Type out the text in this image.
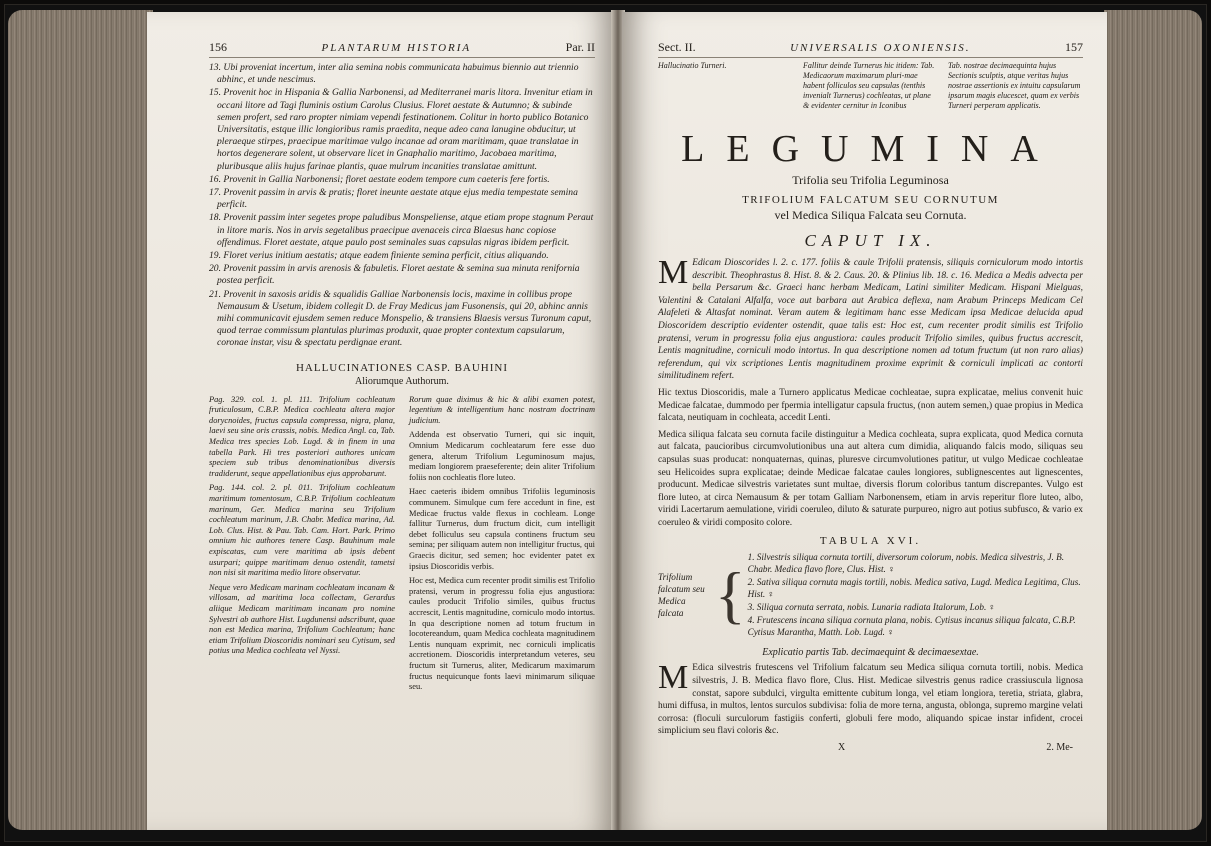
156	PLANTARUM HISTORIA	Par. II

13. Ubi proveniat incertum, inter alia semina nobis communicata habuimus biennio aut triennio abhinc, et unde nescimus.

15. Provenit hoc in Hispania & Gallia Narbonensi, ad Mediterranei maris litora. Invenitur etiam in occani litore ad Tagi fluminis ostium Carolus Clusius. Floret aestate & Autumno; & subinde semen profert, sed raro propter nimiam vependi festinationem. Colitur in horto publico Botanico Universitatis, estque illic longioribus ramis praedita, neque adeo cana lanugine obducitur, ut pleraeque stirpes, praecipue maritimae vulgo incanae ad oram maritimam, quae translatae in hortos degenerare solent, ut observare licet in Gnaphalio maritimo, Jacobaea maritima, pluribusque aliis hujus farinae plantis, quae mulrum incanities translatae amittunt.

16. Provenit in Gallia Narbonensi; floret aestate eodem tempore cum caeteris fere fortis.

17. Provenit passim in arvis & pratis; floret ineunte aestate atque ejus media tempestate semina perficit.

18. Provenit passim inter segetes prope paludibus Monspeliense, atque etiam prope stagnum Peraut in litore maris. Nos in arvis segetalibus praecipue avenaceis circa Blaesus hanc copiose offendimus. Floret aestate, atque paulo post seminales suas capsulas nigras ibidem perficit.

19. Floret verius initium aestatis; atque eadem finiente semina perficit, citius aliquando.

20. Provenit passim in arvis arenosis & fabuletis. Floret aestate & semina sua minuta renifornia postea perficit.

21. Provenit in saxosis aridis & squalidis Galliae Narbonensis locis, maxime in collibus prope Nemausum & Usetum, ibidem collegit D. de Fray Medicus jam Fusonensis, qui 20, abhinc annis mihi communicavit ejusdem semen reduce Monspelio, & transiens Blaesis versus Turonum caput, quod terrae commissum plantulas plurimas produxit, quae propter contextum capsularum, coronae instar, visu & spectatu perdignae erant.

HALLUCINATIONES CASP. BAUHINI
Aliorumque Authorum.

Pag. 329. col. 1. pl. 111. Trifolium cochleatum fruticulosum, C.B.P. Medica cochleata altera major dorycnoides, fructus capsula compressa, nigra, plana, laevi seu sine oris crassis, nobis. Medica Angl. ca, Tab. Medica tres species Lob. Lugd. & in finem in una tabella Park. Hi tres posteriori authores unicam speciem sub tribus denominationibus diversis tradiderunt, seque appellationibus ejus approbarunt.

Pag. 144. col. 2. pl. 011. Trifolium cochleatum maritimum tomentosum, C.B.P. Trifolium cochleatum marinum, Ger. Medica marina seu Trifolium cochleatum marinum, J.B. Chabr. Medica marina, Ad. Lob. Clus. Hist. & Pau. Tab. Cam. Hort. Park. Primo omnium hic authores tenere Casp. Bauhinum male expiscatas, cum vere maritima ab ipsis debent usurpari; quippe maritimam denuo ostendit, tametsi non nisi sit maritima medio litore observatur.

Neque vero Medicam marinam cochleatam incanam & villosam, ad maritima loca collectam, Gerardus aliique Medicam maritimam incanam pro nomine Sylvestri ab authore Hist. Lugdunensi adscribunt, quae non est Medica marina, Trifolium Cochleatum; hanc etiam Trifolium Dioscoridis nominari seu Cytisum, sed potius una Medica cochleata vel Nyssi.

Rorum quae diximus & hic & alibi examen potest, legentium & intelligentium hanc nostram doctrinam judicium.

Addenda est observatio Turneri, qui sic inquit, Omnium Medicarum cochleatarum fere esse duo genera, alterum Trifolium Leguminosum majus, mediam longiorem praeseferente; dein aliter Trifolium foliis non cochleatis flore luteo.

Haec caeteris ibidem omnibus Trifoliis leguminosis communem. Simulque cum fere accedunt in fine, est Medicae fructus valde flexus in cochleam. Longe fallitur Turnerus, dum fructum dicit, cum intelligit debet folliculus seu capsula continens fructum seu semina; per siliquam autem non intelligitur fructus, qui Graecis dicitur, sed semen; hoc evidenter patet ex ipsius Dioscoridis verbis.

Hoc est, Medica cum recenter prodit similis est Trifolio pratensi, verum in progressu folia ejus angustiora: caules producit Trifolio similes, quibus fructus accrescit, Lentis magnitudine, corniculo modo intortus. In qua descriptione nomen ad totum fructum in locotereandum, quam Medica cochleata magnitudinem Lentis nunquam exprimit, nec corniculi implicatis accretionem. Dioscoridis interpretandum veteres, seu fructum sit Turnerus, aliter, Medicarum maximarum fructus nequicunque fonts laevi minimarum siliquae seu.

Sect. II.	UNIVERSALIS OXONIENSIS.	157
Hallucinatio Turneri.	Fallitur deinde Turnerus hic itidem: Tab. Medicaorum maximarum pluri-mae habent folliculos seu capsulas (tenthis invenialt Turnerus) cochleatas, ut plane & evidenter cernitur in Iconibus
Tab. nostrae decimaequinta hujus Sectionis sculptis, atque veritas hujus nostrae assertionis ex intuitu capsularum ipsarum magis elucescet, quam ex verbis Turneri perperam applicatis.
LEGUMINA
Trifolia seu Trifolia Leguminosa
TRIFOLIUM FALCATUM SEU CORNUTUM
vel Medica Siliqua Falcata seu Cornuta.
CAPUT IX.

M Edicam Dioscorides l. 2. c. 177. foliis & caule Trifolii pratensis, siliquis corniculorum modo intortis describit. Theophrastus 8. Hist. 8. & 2. Caus. 20. & Plinius lib. 18. c. 16. Medica a Medis advecta per bella Persarum &c. Graeci hanc herbam Medicam, Latini similiter Medicam. Hispani Mielguas, Valentini & Catalani Alfalfa, voce aut barbara aut Arabica deflexa, nam Arabum Princeps Medicam Cel Alafeleti & Altasfat nominat. Veram autem & legitimam hanc esse Medicam ipsa Medicae delucida apud Dioscoridem descriptio evidenter ostendit, quae talis est: Hoc est, cum recenter prodit similis est Trifolio pratensi, verum in progressu folia ejus angustiora: caules producit Trifolio similes, quibus fructus accrescit, Lentis magnitudine, corniculi modo intortus. In qua descriptione nomen ad totum fructum (ut non raro alias) referendum, qui vix scriptiones Lentis magnitudinem proxime exprimit & corniculi implicati ac contorti similitudinem refert.

Hic textus Dioscoridis, male a Turnero applicatus Medicae cochleatae, supra explicatae, melius convenit huic Medicae falcatae, dummodo per fpermia intelligatur capsula fructus, (non autem semen,) quae propius in Medica falcata, neutiquam in cochleata, accedit Lenti.

Medica siliqua falcata seu cornuta facile distinguitur a Medica cochleata, supra explicata, quod Medica cornuta aut falcata, paucioribus circumvolutionibus una aut altera cum dimidia, aliquando falcis modo, siliquas seu capsulas suas producat: nonquaternas, quinas, pluresve circumvolutiones patitur, ut vulgo Medicae cochleatae seu Helicoides supra explicatae; deinde Medicae falcatae caules longiores, sublignescentes aut lignescentes, producunt. Medicae silvestris varietates sunt multae, diversis florum coloribus tantum discrepantes. Vulgo est flore luteo, at circa Nemausum & per totam Galliam Narbonensem, etiam in arvis reperitur flore luteo, albo, viridi Lacertarum aemulatione, viridi coeruleo, diluto & saturate purpureo, nigro aut potius subfusco, & vario ex coeruleo & viridi composito colore.

TABULA XVI.
Trifolium falcatum seu Medica falcata {
1. Silvestris siliqua cornuta tortili, diversorum colorum, nobis. Medica silvestris, J. B. Chabr. Medica flavo flore, Clus. Hist. ♀
2. Sativa siliqua cornuta magis tortili, nobis. Medica sativa, Lugd. Medica Legitima, Clus. Hist. ♀
3. Siliqua cornuta serrata, nobis. Lunaria radiata Italorum, Lob. ♀
4. Frutescens incana siliqua cornuta plana, nobis. Cytisus incanus siliqua falcata, C.B.P. Cytisus Marantha, Matth. Lob. Lugd. ♀
Explicatio partis Tab. decimaequint & decimaesextae.

M Edica silvestris frutescens vel Trifolium falcatum seu Medica siliqua cornuta tortili, nobis. Medica silvestris, J. B. Medica flavo flore, Clus. Hist. Medicae silvestris genus radice crassiuscula lignosa constat, sapore subdulci, virgulta emittente cubitum longa, vel etiam longiora, teretia, striata, glabra, humi diffusa, in multos, lentos surculos subdivisa: folia de more terna, angusta, oblonga, supremo margine velati corrosa: (floculi surculorum fastigiis conferti, globuli fere modo, aliquando spicae instar infident, crocei simplicium seu flavi coloris &c.

X	2. Me-
